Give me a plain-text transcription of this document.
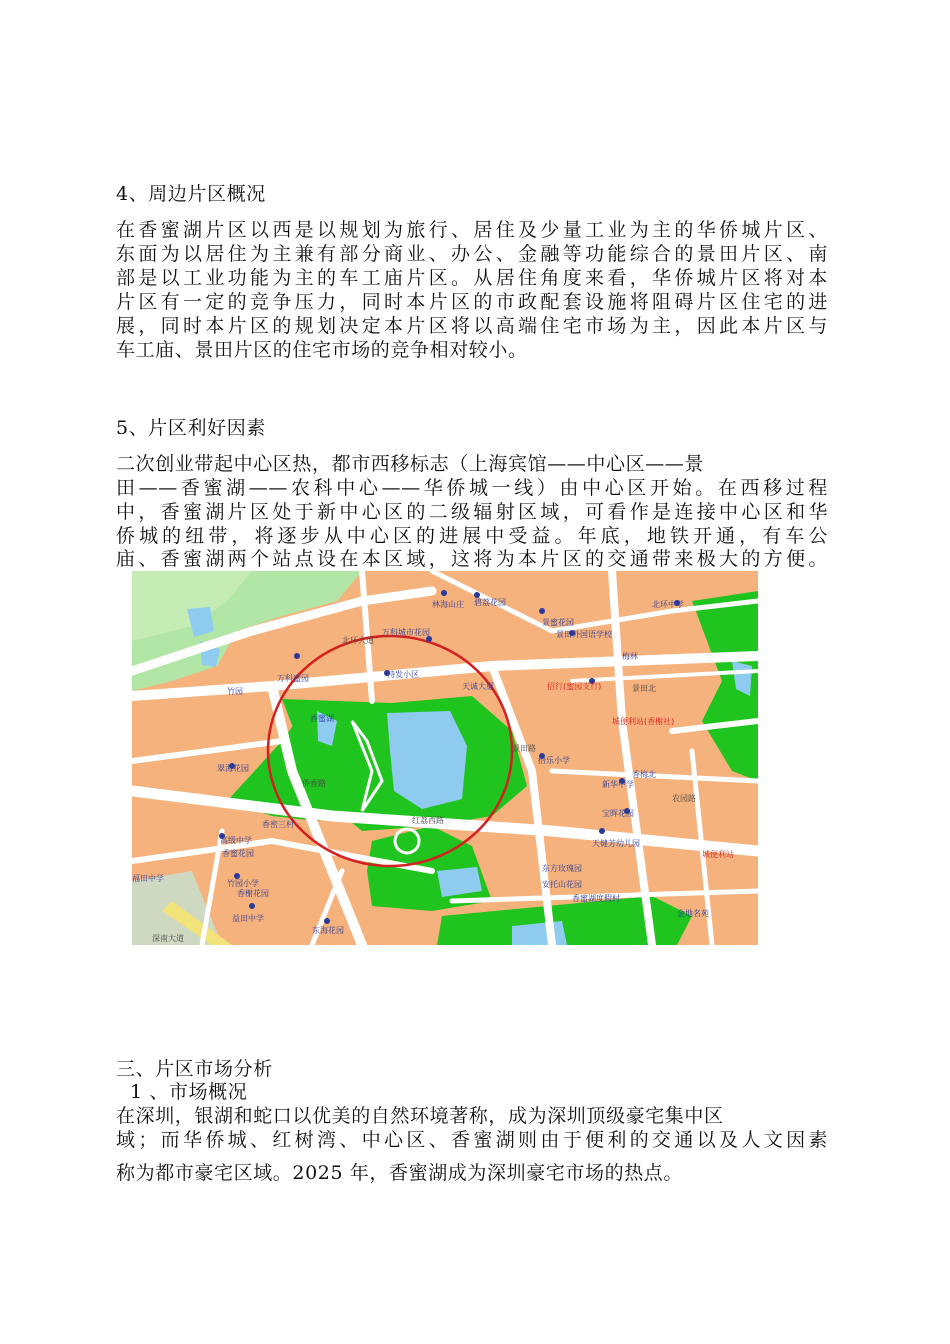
4、周边片区概况
在香蜜湖片区以西是以规划为旅行、居住及少量工业为主的华侨城片区、
东面为以居住为主兼有部分商业、办公、金融等功能综合的景田片区、南
部是以工业功能为主的车工庙片区。从居住角度来看，华侨城片区将对本
片区有一定的竞争压力，同时本片区的市政配套设施将阻碍片区住宅的进
展，同时本片区的规划决定本片区将以高端住宅市场为主，因此本片区与
车工庙、景田片区的住宅市场的竞争相对较小。
5、片区利好因素
二次创业带起中心区热，都市西移标志（上海宾馆——中心区——景
田——香蜜湖——农科中心——华侨城一线）由中心区开始。在西移过程
中，香蜜湖片区处于新中心区的二级辐射区域，可看作是连接中心区和华
侨城的纽带，将逐步从中心区的进展中受益。年底，地铁开通，有车公
庙、香蜜湖两个站点设在本区域，这将为本片区的交通带来极大的方便。
林海山庄 碧荔花园	北环中学
万科城市花园
特发小区
景蜜花园
景田外国语学校
万科蜜园
天诚大厦
翠海花园
香蜜湖
高级中学
竹园小学
香榭花园
东海花园
益田中学
香蜜湖度假村
天健芳幼儿园
新华中学
金地名苑
拾乐小学
福田中学
宝晖花园
香梅北
安托山花园
东方玫瑰园
香密三村
香蜜花园
竹园
梅林
招行(蜜园支行)
城便利站(香榭社)
城便利站
北环大道
红荔西路
深南大道
景田北
侨香路
农园路
景田路
三、片区市场分析
1 、市场概况
在深圳，银湖和蛇口以优美的自然环境著称，成为深圳顶级豪宅集中区
域；而华侨城、红树湾、中心区、香蜜湖则由于便利的交通以及人文因素
称为都市豪宅区域。2025 年，香蜜湖成为深圳豪宅市场的热点。
